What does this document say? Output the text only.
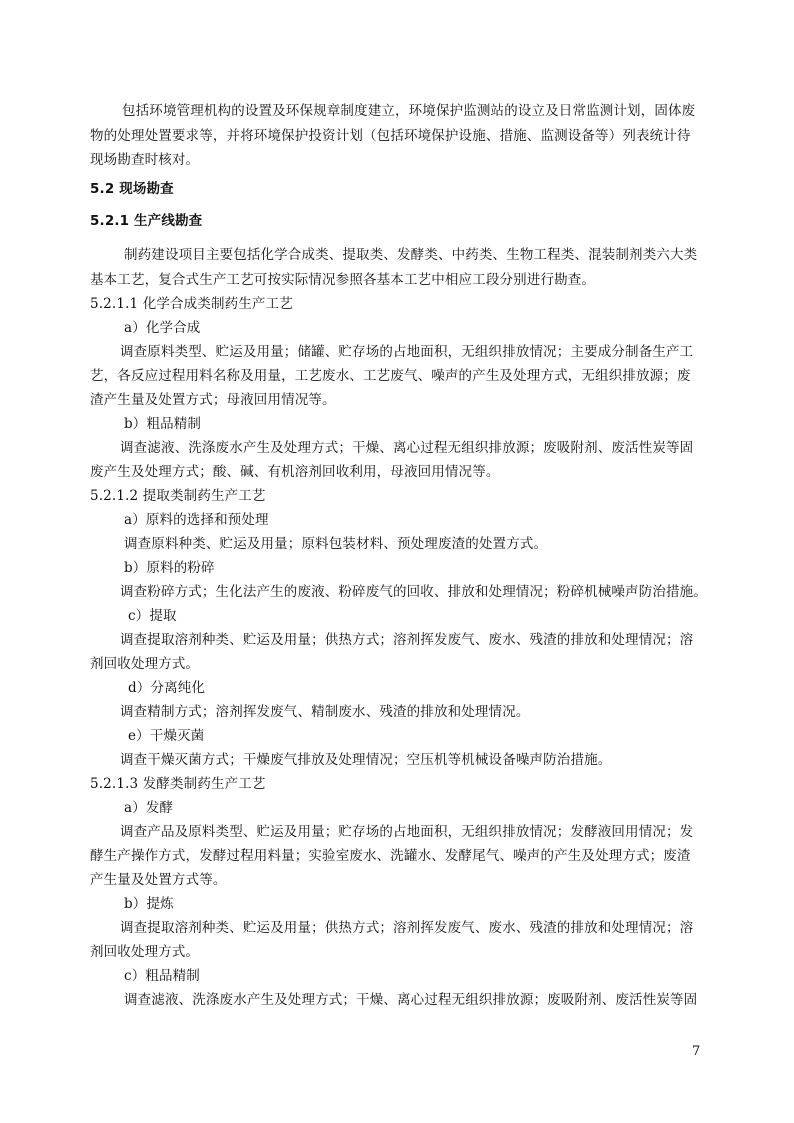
包括环境管理机构的设置及环保规章制度建立，环境保护监测站的设立及日常监测计划，固体废
物的处理处置要求等，并将环境保护投资计划（包括环境保护设施、措施、监测设备等）列表统计待
现场勘查时核对。
5.2 现场勘查
5.2.1 生产线勘查
制药建设项目主要包括化学合成类、提取类、发酵类、中药类、生物工程类、混装制剂类六大类
基本工艺，复合式生产工艺可按实际情况参照各基本工艺中相应工段分别进行勘查。
5.2.1.1 化学合成类制药生产工艺
a）化学合成
调查原料类型、贮运及用量；储罐、贮存场的占地面积，无组织排放情况；主要成分制备生产工
艺，各反应过程用料名称及用量，工艺废水、工艺废气、噪声的产生及处理方式，无组织排放源；废
渣产生量及处置方式；母液回用情况等。
b）粗品精制
调查滤液、洗涤废水产生及处理方式；干燥、离心过程无组织排放源；废吸附剂、废活性炭等固
废产生及处理方式；酸、碱、有机溶剂回收利用，母液回用情况等。
5.2.1.2 提取类制药生产工艺
a）原料的选择和预处理
调查原料种类、贮运及用量；原料包装材料、预处理废渣的处置方式。
b）原料的粉碎
调查粉碎方式；生化法产生的废液、粉碎废气的回收、排放和处理情况；粉碎机械噪声防治措施。
c）提取
调查提取溶剂种类、贮运及用量；供热方式；溶剂挥发废气、废水、残渣的排放和处理情况；溶
剂回收处理方式。
d）分离纯化
调查精制方式；溶剂挥发废气、精制废水、残渣的排放和处理情况。
e）干燥灭菌
调查干燥灭菌方式；干燥废气排放及处理情况；空压机等机械设备噪声防治措施。
5.2.1.3 发酵类制药生产工艺
a）发酵
调查产品及原料类型、贮运及用量；贮存场的占地面积，无组织排放情况；发酵液回用情况；发
酵生产操作方式，发酵过程用料量；实验室废水、洗罐水、发酵尾气、噪声的产生及处理方式；废渣
产生量及处置方式等。
b）提炼
调查提取溶剂种类、贮运及用量；供热方式；溶剂挥发废气、废水、残渣的排放和处理情况；溶
剂回收处理方式。
c）粗品精制
调查滤液、洗涤废水产生及处理方式；干燥、离心过程无组织排放源；废吸附剂、废活性炭等固
7
